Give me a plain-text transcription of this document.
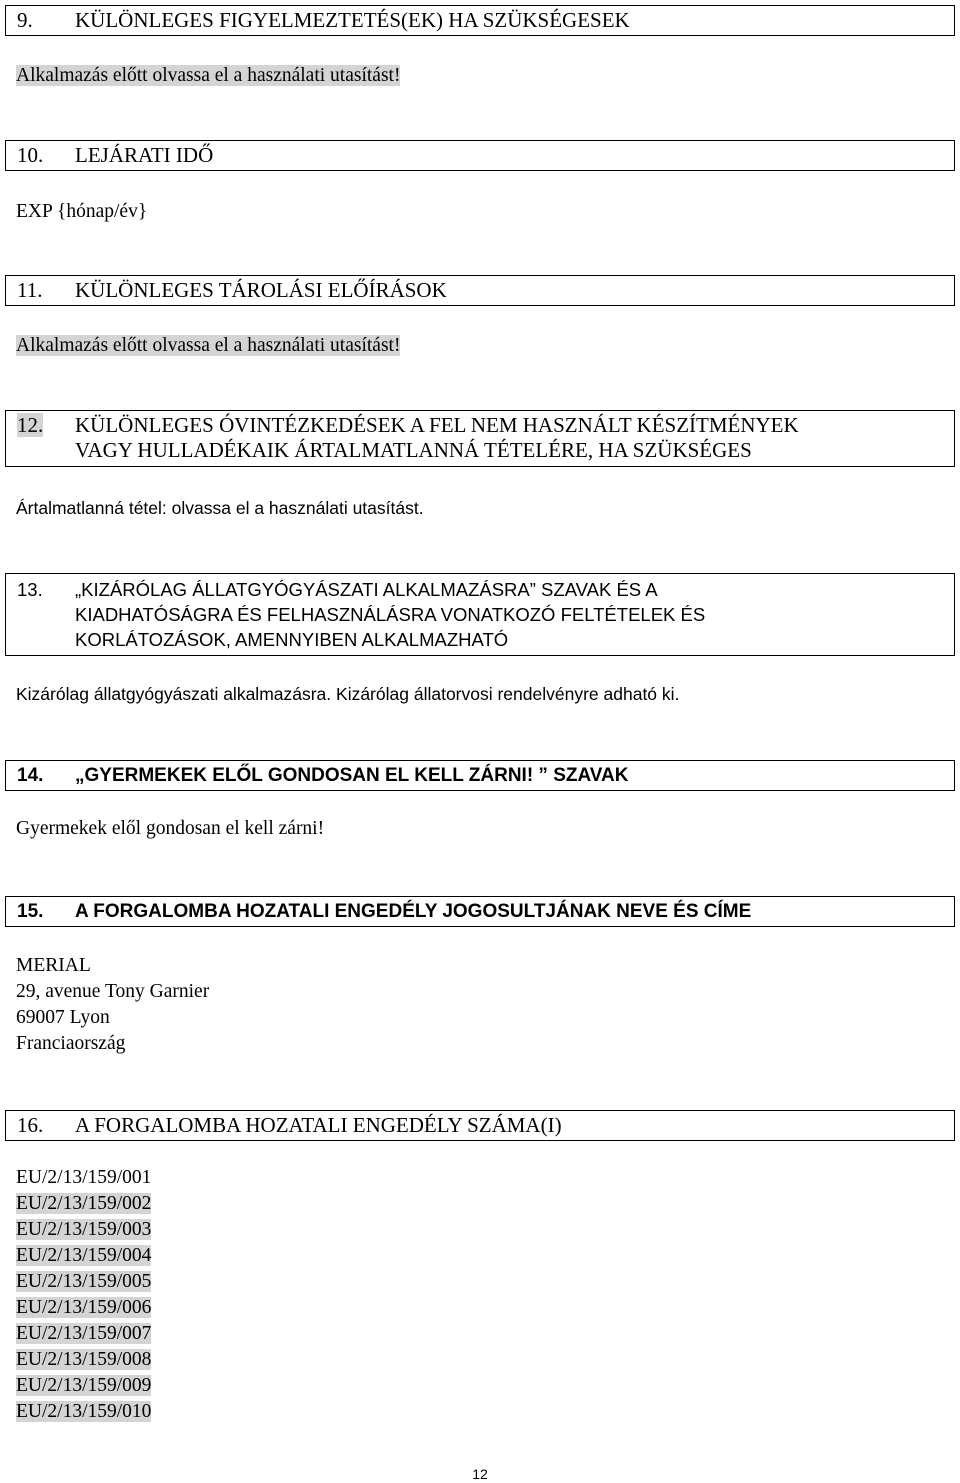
9.	KÜLÖNLEGES FIGYELMEZTETÉS(EK) HA SZÜKSÉGESEK
Alkalmazás előtt olvassa el a használati utasítást!
10.	LEJÁRATI IDŐ
EXP {hónap/év}
11.	KÜLÖNLEGES TÁROLÁSI ELŐÍRÁSOK
Alkalmazás előtt olvassa el a használati utasítást!
12.	KÜLÖNLEGES ÓVINTÉZKEDÉSEK A FEL NEM HASZNÁLT KÉSZÍTMÉNYEK
VAGY HULLADÉKAIK ÁRTALMATLANNÁ TÉTELÉRE, HA SZÜKSÉGES
Ártalmatlanná tétel: olvassa el a használati utasítást.
13.	„KIZÁRÓLAG ÁLLATGYÓGYÁSZATI ALKALMAZÁSRA” SZAVAK ÉS A
KIADHATÓSÁGRA ÉS FELHASZNÁLÁSRA VONATKOZÓ FELTÉTELEK ÉS
KORLÁTOZÁSOK, AMENNYIBEN ALKALMAZHATÓ
Kizárólag állatgyógyászati alkalmazásra. Kizárólag állatorvosi rendelvényre adható ki.
14.	„GYERMEKEK ELŐL GONDOSAN EL KELL ZÁRNI! ” SZAVAK
Gyermekek elől gondosan el kell zárni!
15.	A FORGALOMBA HOZATALI ENGEDÉLY JOGOSULTJÁNAK NEVE ÉS CÍME
MERIAL
29, avenue Tony Garnier
69007 Lyon
Franciaország
16.	A FORGALOMBA HOZATALI ENGEDÉLY SZÁMA(I)
EU/2/13/159/001
EU/2/13/159/002
EU/2/13/159/003
EU/2/13/159/004
EU/2/13/159/005
EU/2/13/159/006
EU/2/13/159/007
EU/2/13/159/008
EU/2/13/159/009
EU/2/13/159/010
12
